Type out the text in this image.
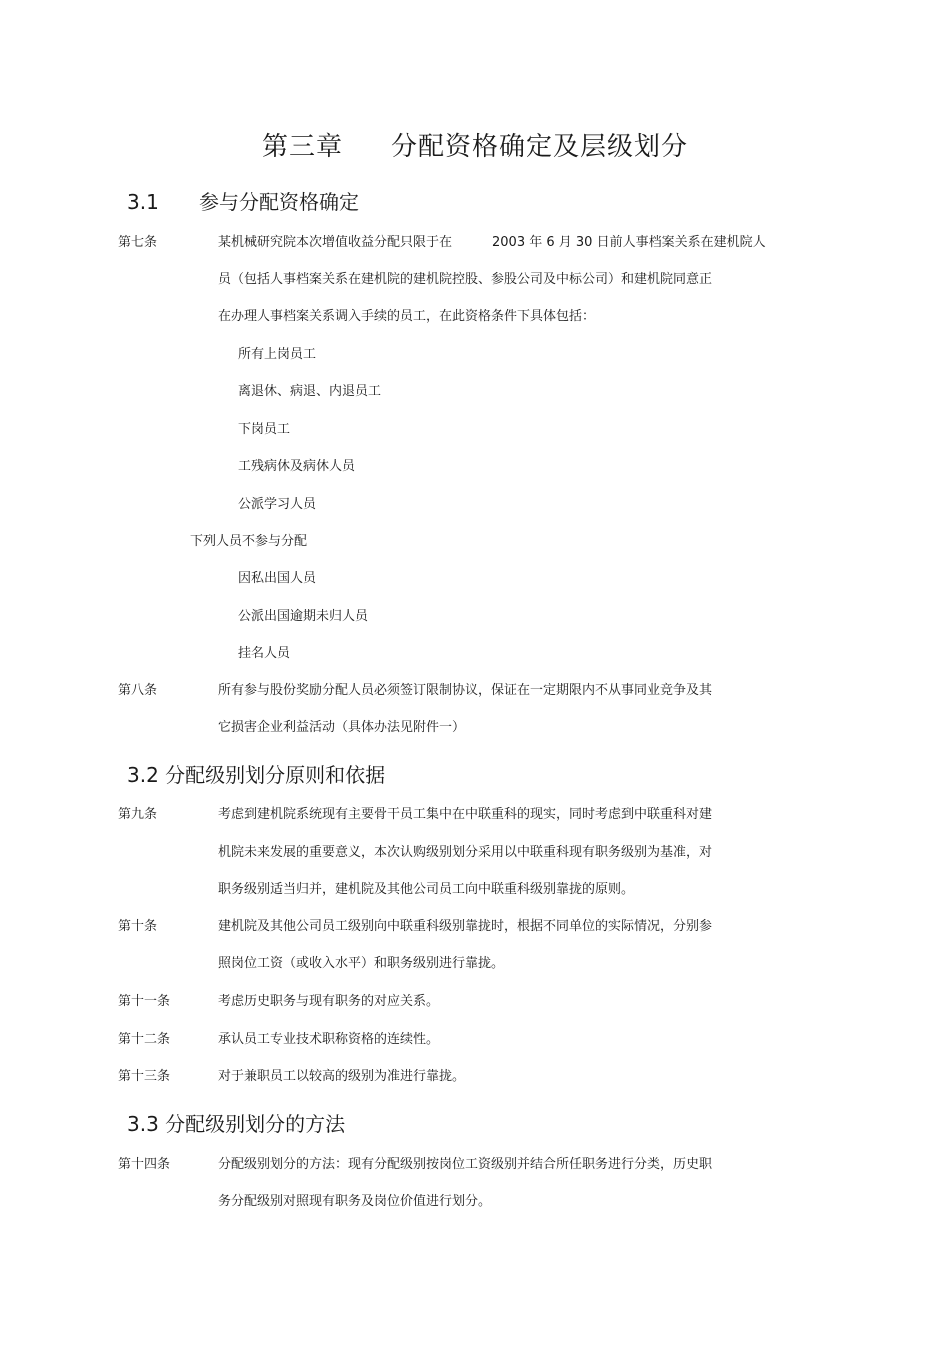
第三章 分配资格确定及层级划分
3.1 参与分配资格确定
第七条	某机械研究院本次增值收益分配只限于在	2003 年 6 月 30 日前人事档案关系在建机院人
员（包括人事档案关系在建机院的建机院控股、参股公司及中标公司）和建机院同意正
在办理人事档案关系调入手续的员工，在此资格条件下具体包括：
所有上岗员工
离退休、病退、内退员工
下岗员工
工残病休及病休人员
公派学习人员
下列人员不参与分配
因私出国人员
公派出国逾期未归人员
挂名人员
第八条	所有参与股份奖励分配人员必须签订限制协议，保证在一定期限内不从事同业竞争及其
它损害企业利益活动（具体办法见附件一）
3.2 分配级别划分原则和依据
第九条	考虑到建机院系统现有主要骨干员工集中在中联重科的现实，同时考虑到中联重科对建
机院未来发展的重要意义，本次认购级别划分采用以中联重科现有职务级别为基准，对
职务级别适当归并，建机院及其他公司员工向中联重科级别靠拢的原则。
第十条	建机院及其他公司员工级别向中联重科级别靠拢时，根据不同单位的实际情况，分别参
照岗位工资（或收入水平）和职务级别进行靠拢。
第十一条	考虑历史职务与现有职务的对应关系。
第十二条	承认员工专业技术职称资格的连续性。
第十三条	对于兼职员工以较高的级别为准进行靠拢。
3.3 分配级别划分的方法
第十四条	分配级别划分的方法：现有分配级别按岗位工资级别并结合所任职务进行分类，历史职
务分配级别对照现有职务及岗位价值进行划分。
